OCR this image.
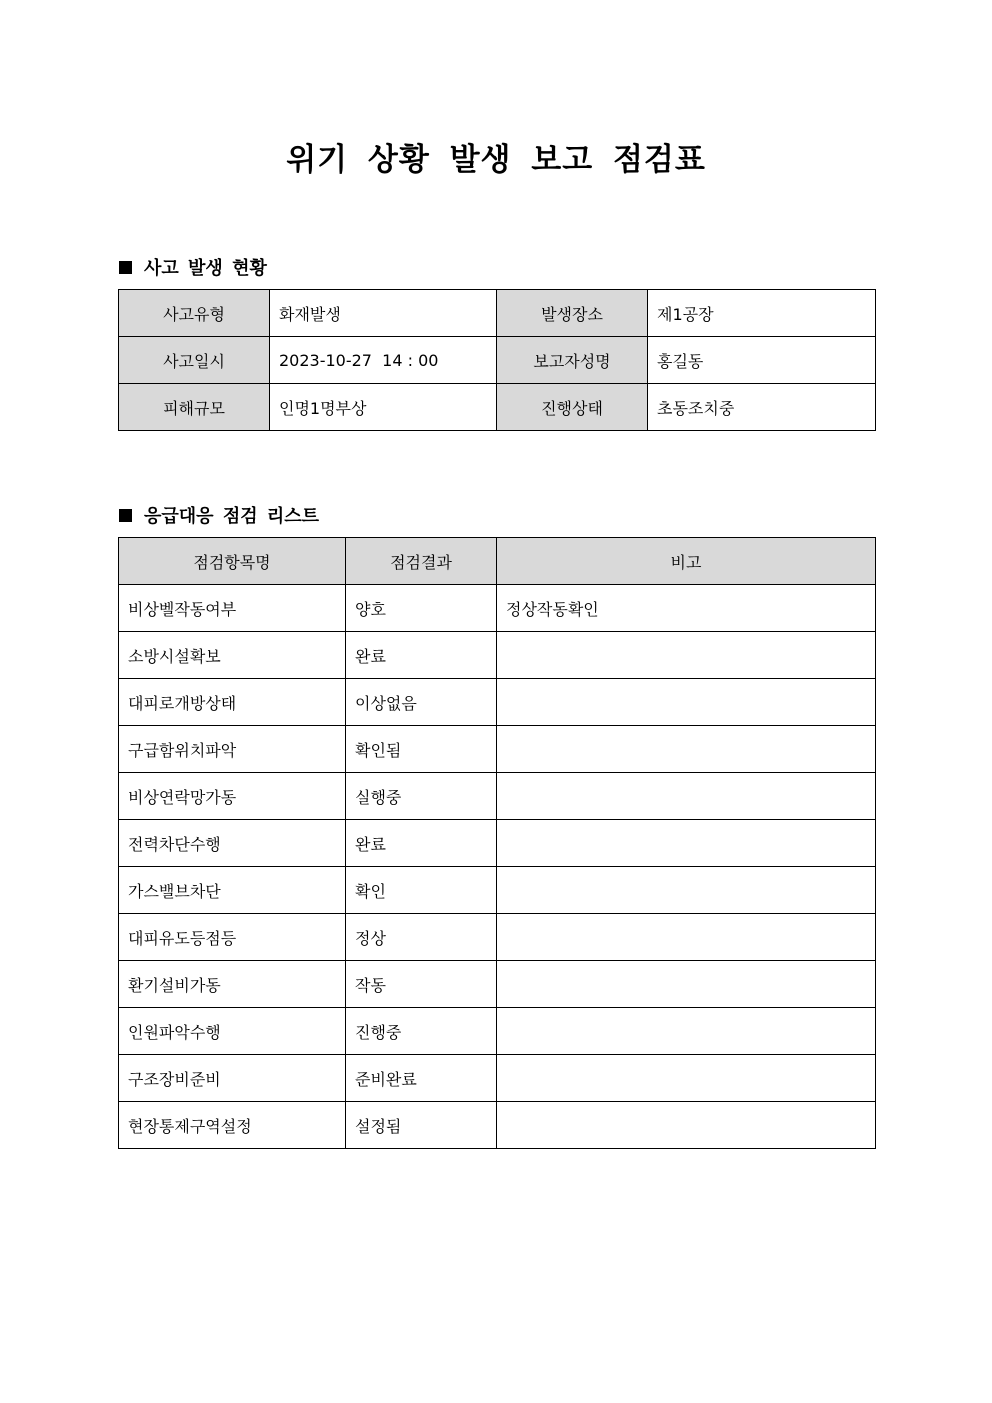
위기 상황 발생 보고 점검표
사고 발생 현황
사고유형	화재발생	발생장소	제1공장
사고일시	2023-10-27  14 : 00	보고자성명	홍길동
피해규모	인명1명부상	진행상태	초동조치중
응급대응 점검 리스트
점검항목명	점검결과	비고
비상벨작동여부	양호	정상작동확인
소방시설확보	완료	
대피로개방상태	이상없음	
구급함위치파악	확인됨	
비상연락망가동	실행중	
전력차단수행	완료	
가스밸브차단	확인	
대피유도등점등	정상	
환기설비가동	작동	
인원파악수행	진행중	
구조장비준비	준비완료	
현장통제구역설정	설정됨	
